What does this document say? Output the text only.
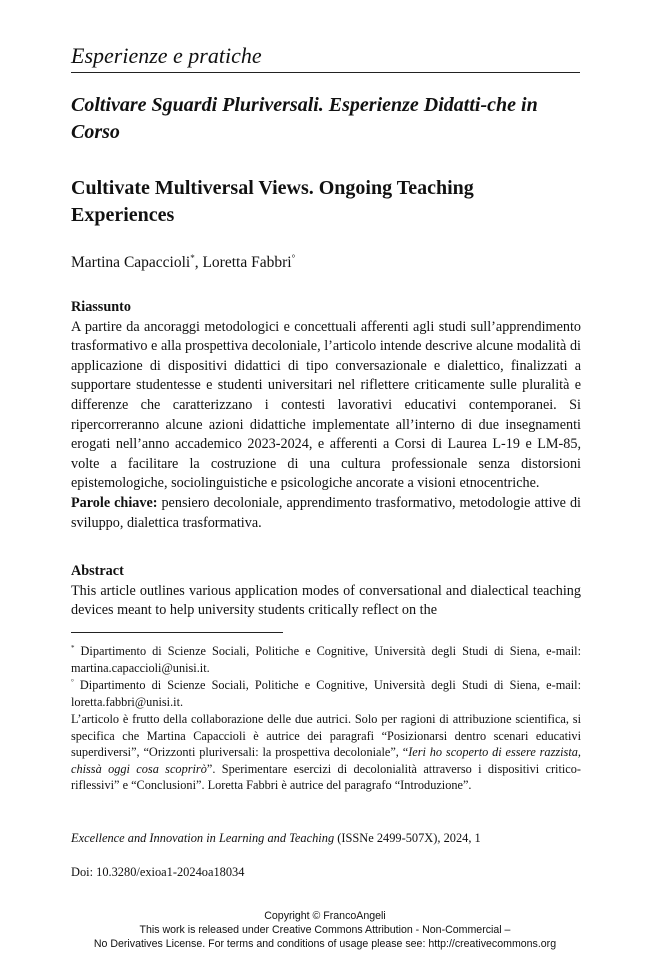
Esperienze e pratiche
Coltivare Sguardi Pluriversali. Esperienze Didatti-che in Corso
Cultivate Multiversal Views. Ongoing Teaching Experiences
Martina Capaccioli*, Loretta Fabbri°
Riassunto
A partire da ancoraggi metodologici e concettuali afferenti agli studi sull’apprendimento trasformativo e alla prospettiva decoloniale, l’articolo intende descrive alcune modalità di applicazione di dispositivi didattici di tipo conversazionale e dialettico, finalizzati a supportare studentesse e studenti universitari nel riflettere criticamente sulle pluralità e differenze che caratterizzano i contesti lavorativi educativi contemporanei. Si ripercorreranno alcune azioni didattiche implementate all’interno di due insegnamenti erogati nell’anno accademico 2023-2024, e afferenti a Corsi di Laurea L-19 e LM-85, volte a facilitare la costruzione di una cultura professionale senza distorsioni epistemologiche, sociolinguistiche e psicologiche ancorate a visioni etnocentriche.
Parole chiave: pensiero decoloniale, apprendimento trasformativo, metodologie attive di sviluppo, dialettica trasformativa.
Abstract
This article outlines various application modes of conversational and dialectical teaching devices meant to help university students critically reflect on the
* Dipartimento di Scienze Sociali, Politiche e Cognitive, Università degli Studi di Siena, e-mail: martina.capaccioli@unisi.it.
° Dipartimento di Scienze Sociali, Politiche e Cognitive, Università degli Studi di Siena, e-mail: loretta.fabbri@unisi.it.
L’articolo è frutto della collaborazione delle due autrici. Solo per ragioni di attribuzione scientifica, si specifica che Martina Capaccioli è autrice dei paragrafi “Posizionarsi dentro scenari educativi superdiversi”, “Orizzonti pluriversali: la prospettiva decoloniale”, “Ieri ho scoperto di essere razzista, chissà oggi cosa scoprirò”. Sperimentare esercizi di decolonialità attraverso i dispositivi critico-riflessivi” e “Conclusioni”. Loretta Fabbri è autrice del paragrafo “Introduzione”.
Excellence and Innovation in Learning and Teaching (ISSNe 2499-507X), 2024, 1
Doi: 10.3280/exioa1-2024oa18034
Copyright © FrancoAngeli
This work is released under Creative Commons Attribution - Non-Commercial –
No Derivatives License. For terms and conditions of usage please see: http://creativecommons.org
